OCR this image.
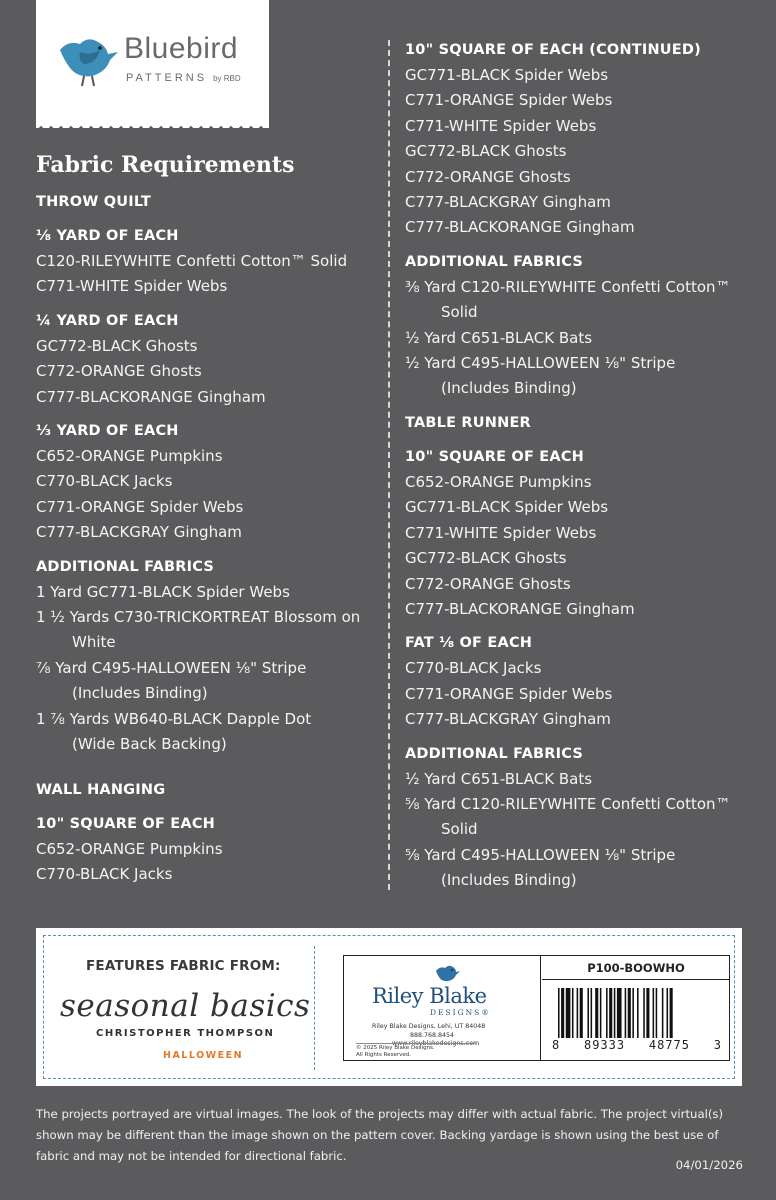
Bluebird
PATTERNS by RBD
Fabric Requirements
THROW QUILT
⅛ YARD OF EACH
C120-RILEYWHITE Confetti Cotton™ Solid
C771-WHITE Spider Webs
¼ YARD OF EACH
GC772-BLACK Ghosts
C772-ORANGE Ghosts
C777-BLACKORANGE Gingham
⅓ YARD OF EACH
C652-ORANGE Pumpkins
C770-BLACK Jacks
C771-ORANGE Spider Webs
C777-BLACKGRAY Gingham
ADDITIONAL FABRICS
1 Yard GC771-BLACK Spider Webs
1 ½ Yards C730-TRICKORTREAT Blossom on
White
⅞ Yard C495-HALLOWEEN ⅛" Stripe
(Includes Binding)
1 ⅞ Yards WB640-BLACK Dapple Dot
(Wide Back Backing)
WALL HANGING
10" SQUARE OF EACH
C652-ORANGE Pumpkins
C770-BLACK Jacks
10" SQUARE OF EACH (CONTINUED)
GC771-BLACK Spider Webs
C771-ORANGE Spider Webs
C771-WHITE Spider Webs
GC772-BLACK Ghosts
C772-ORANGE Ghosts
C777-BLACKGRAY Gingham
C777-BLACKORANGE Gingham
ADDITIONAL FABRICS
⅜ Yard C120-RILEYWHITE Confetti Cotton™
Solid
½ Yard C651-BLACK Bats
½ Yard C495-HALLOWEEN ⅛" Stripe
(Includes Binding)
TABLE RUNNER
10" SQUARE OF EACH
C652-ORANGE Pumpkins
GC771-BLACK Spider Webs
C771-WHITE Spider Webs
GC772-BLACK Ghosts
C772-ORANGE Ghosts
C777-BLACKORANGE Gingham
FAT ⅛ OF EACH
C770-BLACK Jacks
C771-ORANGE Spider Webs
C777-BLACKGRAY Gingham
ADDITIONAL FABRICS
½ Yard C651-BLACK Bats
⅝ Yard C120-RILEYWHITE Confetti Cotton™
Solid
⅝ Yard C495-HALLOWEEN ⅛" Stripe
(Includes Binding)
FEATURES FABRIC FROM:
seasonal basics
CHRISTOPHER THOMPSON
HALLOWEEN
Riley Blake
DESIGNS®
Riley Blake Designs, Lehi, UT 84048
888.768.8454
www.rileyblakedesigns.com
© 2025 Riley Blake Designs.
All Rights Reserved.
P100-BOOWHO
8 89333 48775 3
The projects portrayed are virtual images. The look of the projects may differ with actual fabric. The project virtual(s) shown may be different than the image shown on the pattern cover. Backing yardage is shown using the best use of fabric and may not be intended for directional fabric.
04/01/2026
